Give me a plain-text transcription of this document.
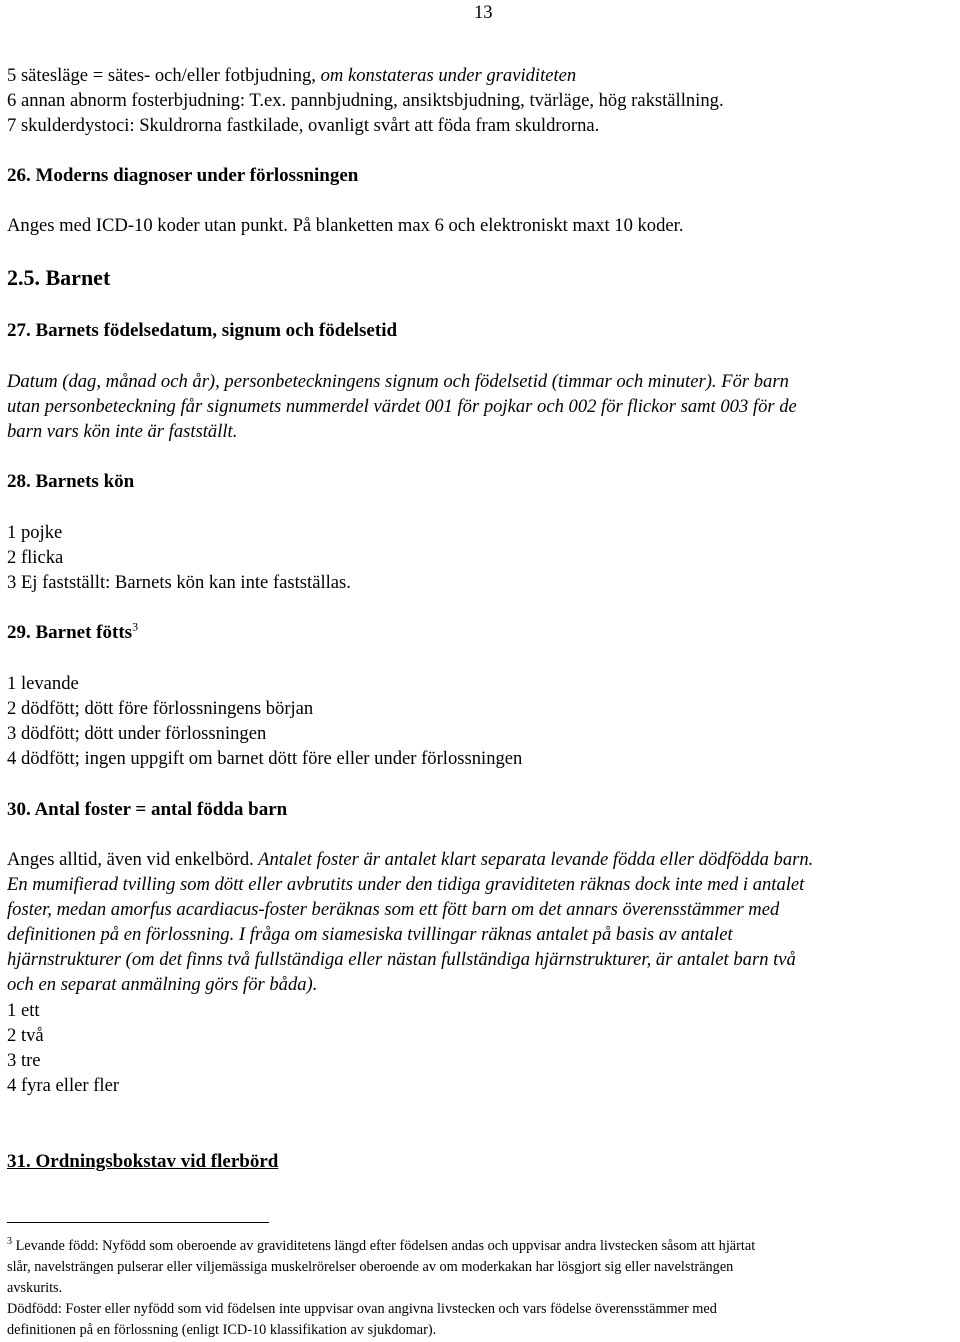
13
5 sätesläge = sätes- och/eller fotbjudning, om konstateras under graviditeten
6 annan abnorm fosterbjudning: T.ex. pannbjudning, ansiktsbjudning, tvärläge, hög rakställning.
7 skulderdystoci: Skuldrorna fastkilade, ovanligt svårt att föda fram skuldrorna.
26. Moderns diagnoser under förlossningen
Anges med ICD-10 koder utan punkt. På blanketten max 6 och elektroniskt maxt 10 koder.
2.5. Barnet
27. Barnets födelsedatum, signum och födelsetid
Datum (dag, månad och år), personbeteckningens signum och födelsetid (timmar och minuter). För barn
utan personbeteckning får signumets nummerdel värdet 001 för pojkar och 002 för flickor samt 003 för de
barn vars kön inte är fastställt.
28. Barnets kön
1 pojke
2 flicka
3 Ej fastställt: Barnets kön kan inte fastställas.
29. Barnet fötts$^3$
1 levande
2 dödfött; dött före förlossningens början
3 dödfött; dött under förlossningen
4 dödfött; ingen uppgift om barnet dött före eller under förlossningen
30. Antal foster = antal födda barn
Anges alltid, även vid enkelbörd. Antalet foster är antalet klart separata levande födda eller dödfödda barn.
En mumifierad tvilling som dött eller avbrutits under den tidiga graviditeten räknas dock inte med i antalet
foster, medan amorfus acardiacus-foster beräknas som ett fött barn om det annars överensstämmer med
definitionen på en förlossning. I fråga om siamesiska tvillingar räknas antalet på basis av antalet
hjärnstrukturer (om det finns två fullständiga eller nästan fullständiga hjärnstrukturer, är antalet barn två
och en separat anmälning görs för båda).
1 ett
2 två
3 tre
4 fyra eller fler
31. Ordningsbokstav vid flerbörd
$^3$ Levande född: Nyfödd som oberoende av graviditetens längd efter födelsen andas och uppvisar andra livstecken såsom att hjärtat
slår, navelsträngen pulserar eller viljemässiga muskelrörelser oberoende av om moderkakan har lösgjort sig eller navelsträngen
avskurits.
Dödfödd: Foster eller nyfödd som vid födelsen inte uppvisar ovan angivna livstecken och vars födelse överensstämmer med
definitionen på en förlossning (enligt ICD-10 klassifikation av sjukdomar).
